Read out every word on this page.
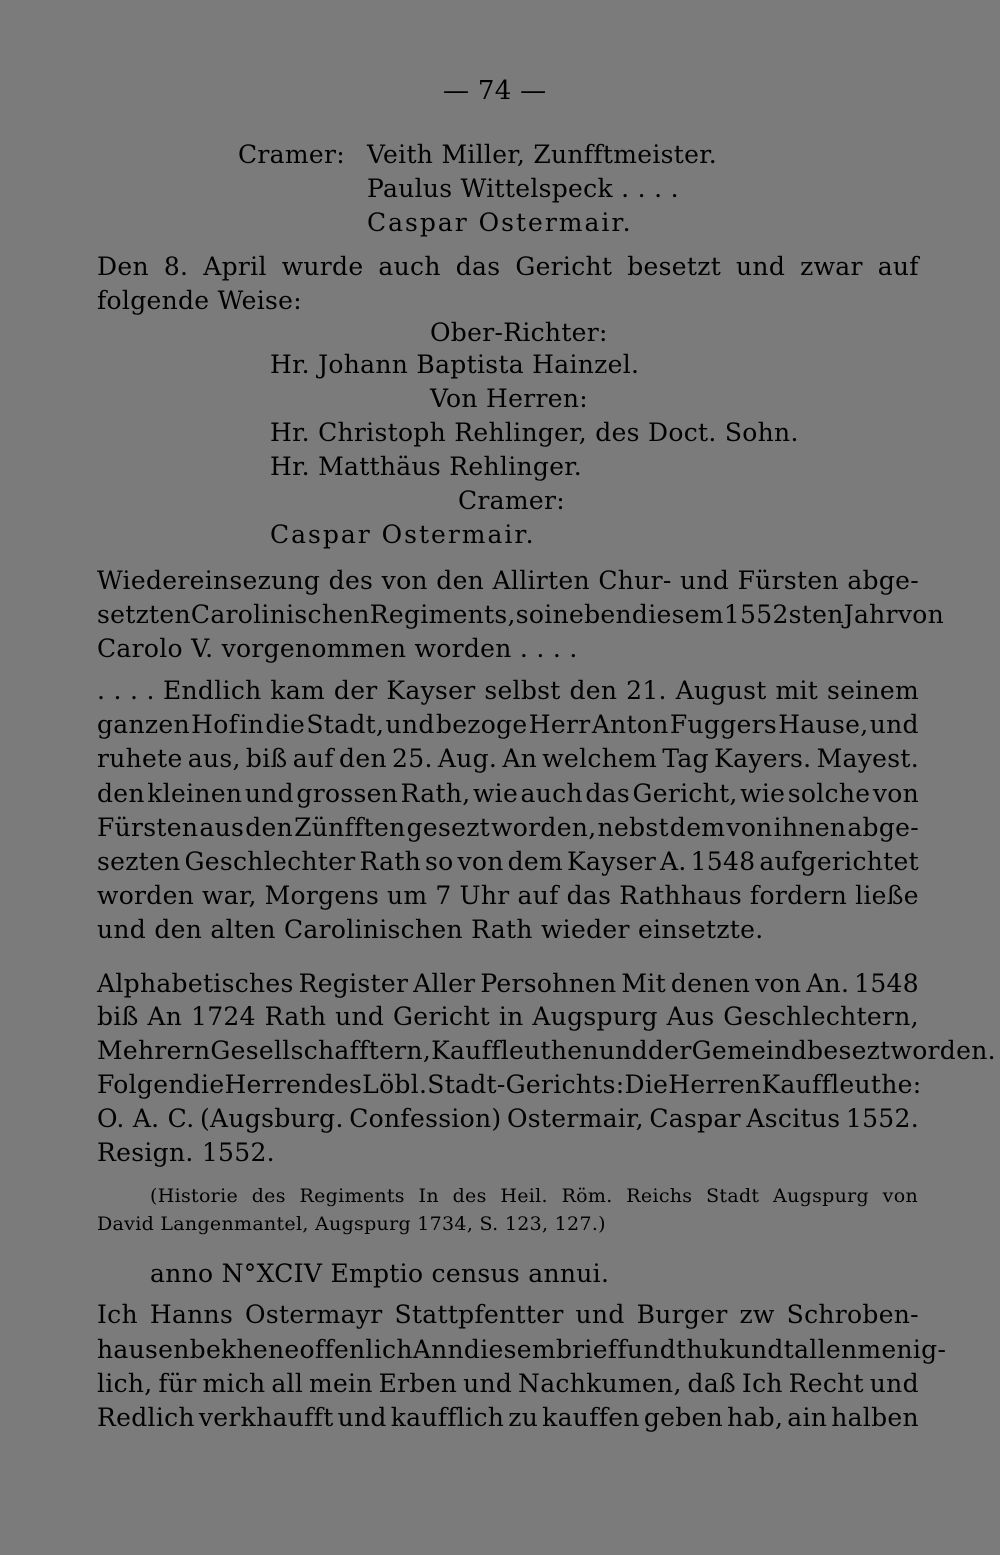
— 74 —
Cramer: Veith Miller, Zunfftmeister.
Paulus Wittelspeck . . . .
Caspar Ostermair.
Den 8. April wurde auch das Gericht besetzt und zwar auf
folgende Weise:
Ober-Richter:
Hr. Johann Baptista Hainzel.
Von Herren:
Hr. Christoph Rehlinger, des Doct. Sohn.
Hr. Matthäus Rehlinger.
Cramer:
Caspar Ostermair.
Wiedereinsezung des von den Allirten Chur- und Fürsten abge-
setzten Carolinischen Regiments, so in eben diesem 1552sten Jahr von
Carolo V. vorgenommen worden . . . .
. . . . Endlich kam der Kayser selbst den 21. August mit seinem
ganzen Hof in die Stadt, und bezoge Herr Anton Fuggers Hause, und
ruhete aus, biß auf den 25. Aug. An welchem Tag Kayers. Mayest.
den kleinen und grossen Rath, wie auch das Gericht, wie solche von
Fürsten aus den Zünfften gesezt worden, nebst dem von ihnen abge-
sezten Geschlechter Rath so von dem Kayser A. 1548 aufgerichtet
worden war, Morgens um 7 Uhr auf das Rathhaus fordern ließe
und den alten Carolinischen Rath wieder einsetzte.
Alphabetisches Register Aller Persohnen Mit denen von An. 1548
biß An 1724 Rath und Gericht in Augspurg Aus Geschlechtern,
Mehrern Gesellschafftern, Kauffleuthen und der Gemeind besezt worden.
Folgen die Herren des Löbl. Stadt-Gerichts: Die Herren Kauffleuthe:
O. A. C. (Augsburg. Confession) Ostermair, Caspar Ascitus 1552.
Resign. 1552.
(Historie des Regiments In des Heil. Röm. Reichs Stadt Augspurg von
David Langenmantel, Augspurg 1734, S. 123, 127.)
anno N°XCIV Emptio census annui.
Ich Hanns Ostermayr Stattpfentter und Burger zw Schroben-
hausen bekhene offenlich Ann diesem brieff und thu kundt allen menig-
lich, für mich all mein Erben und Nachkumen, daß Ich Recht und
Redlich verkhaufft und kaufflich zu kauffen geben hab, ain halben
